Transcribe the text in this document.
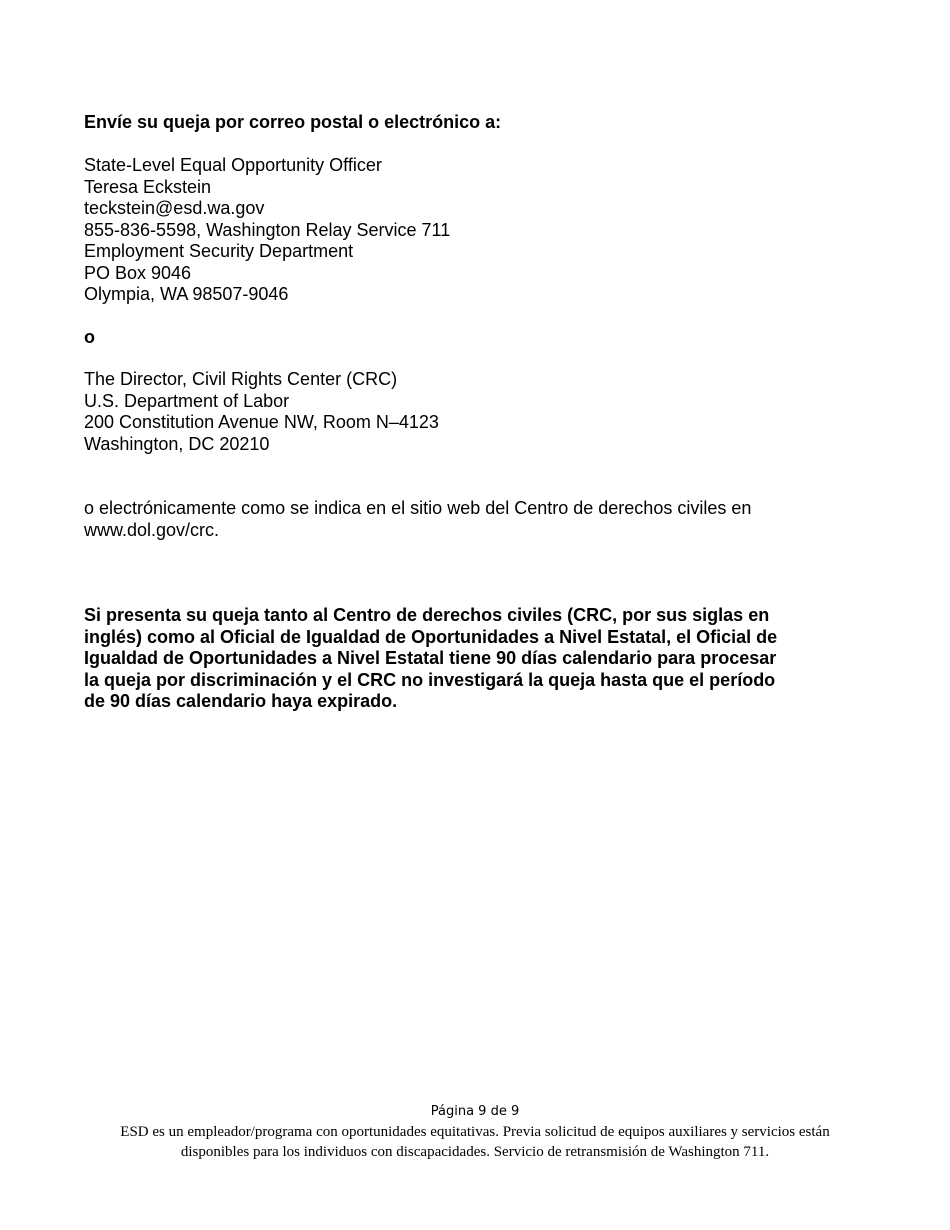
Envíe su queja por correo postal o electrónico a:
State-Level Equal Opportunity Officer
Teresa Eckstein
teckstein@esd.wa.gov
855-836-5598, Washington Relay Service 711
Employment Security Department
PO Box 9046
Olympia, WA 98507-9046
o
The Director, Civil Rights Center (CRC)
U.S. Department of Labor
200 Constitution Avenue NW, Room N–4123
Washington, DC 20210
o electrónicamente como se indica en el sitio web del Centro de derechos civiles en
www.dol.gov/crc.
Si presenta su queja tanto al Centro de derechos civiles (CRC, por sus siglas en
inglés) como al Oficial de Igualdad de Oportunidades a Nivel Estatal, el Oficial de
Igualdad de Oportunidades a Nivel Estatal tiene 90 días calendario para procesar
la queja por discriminación y el CRC no investigará la queja hasta que el período
de 90 días calendario haya expirado.
Página 9 de 9
ESD es un empleador/programa con oportunidades equitativas. Previa solicitud de equipos auxiliares y servicios están
disponibles para los individuos con discapacidades. Servicio de retransmisión de Washington 711.
